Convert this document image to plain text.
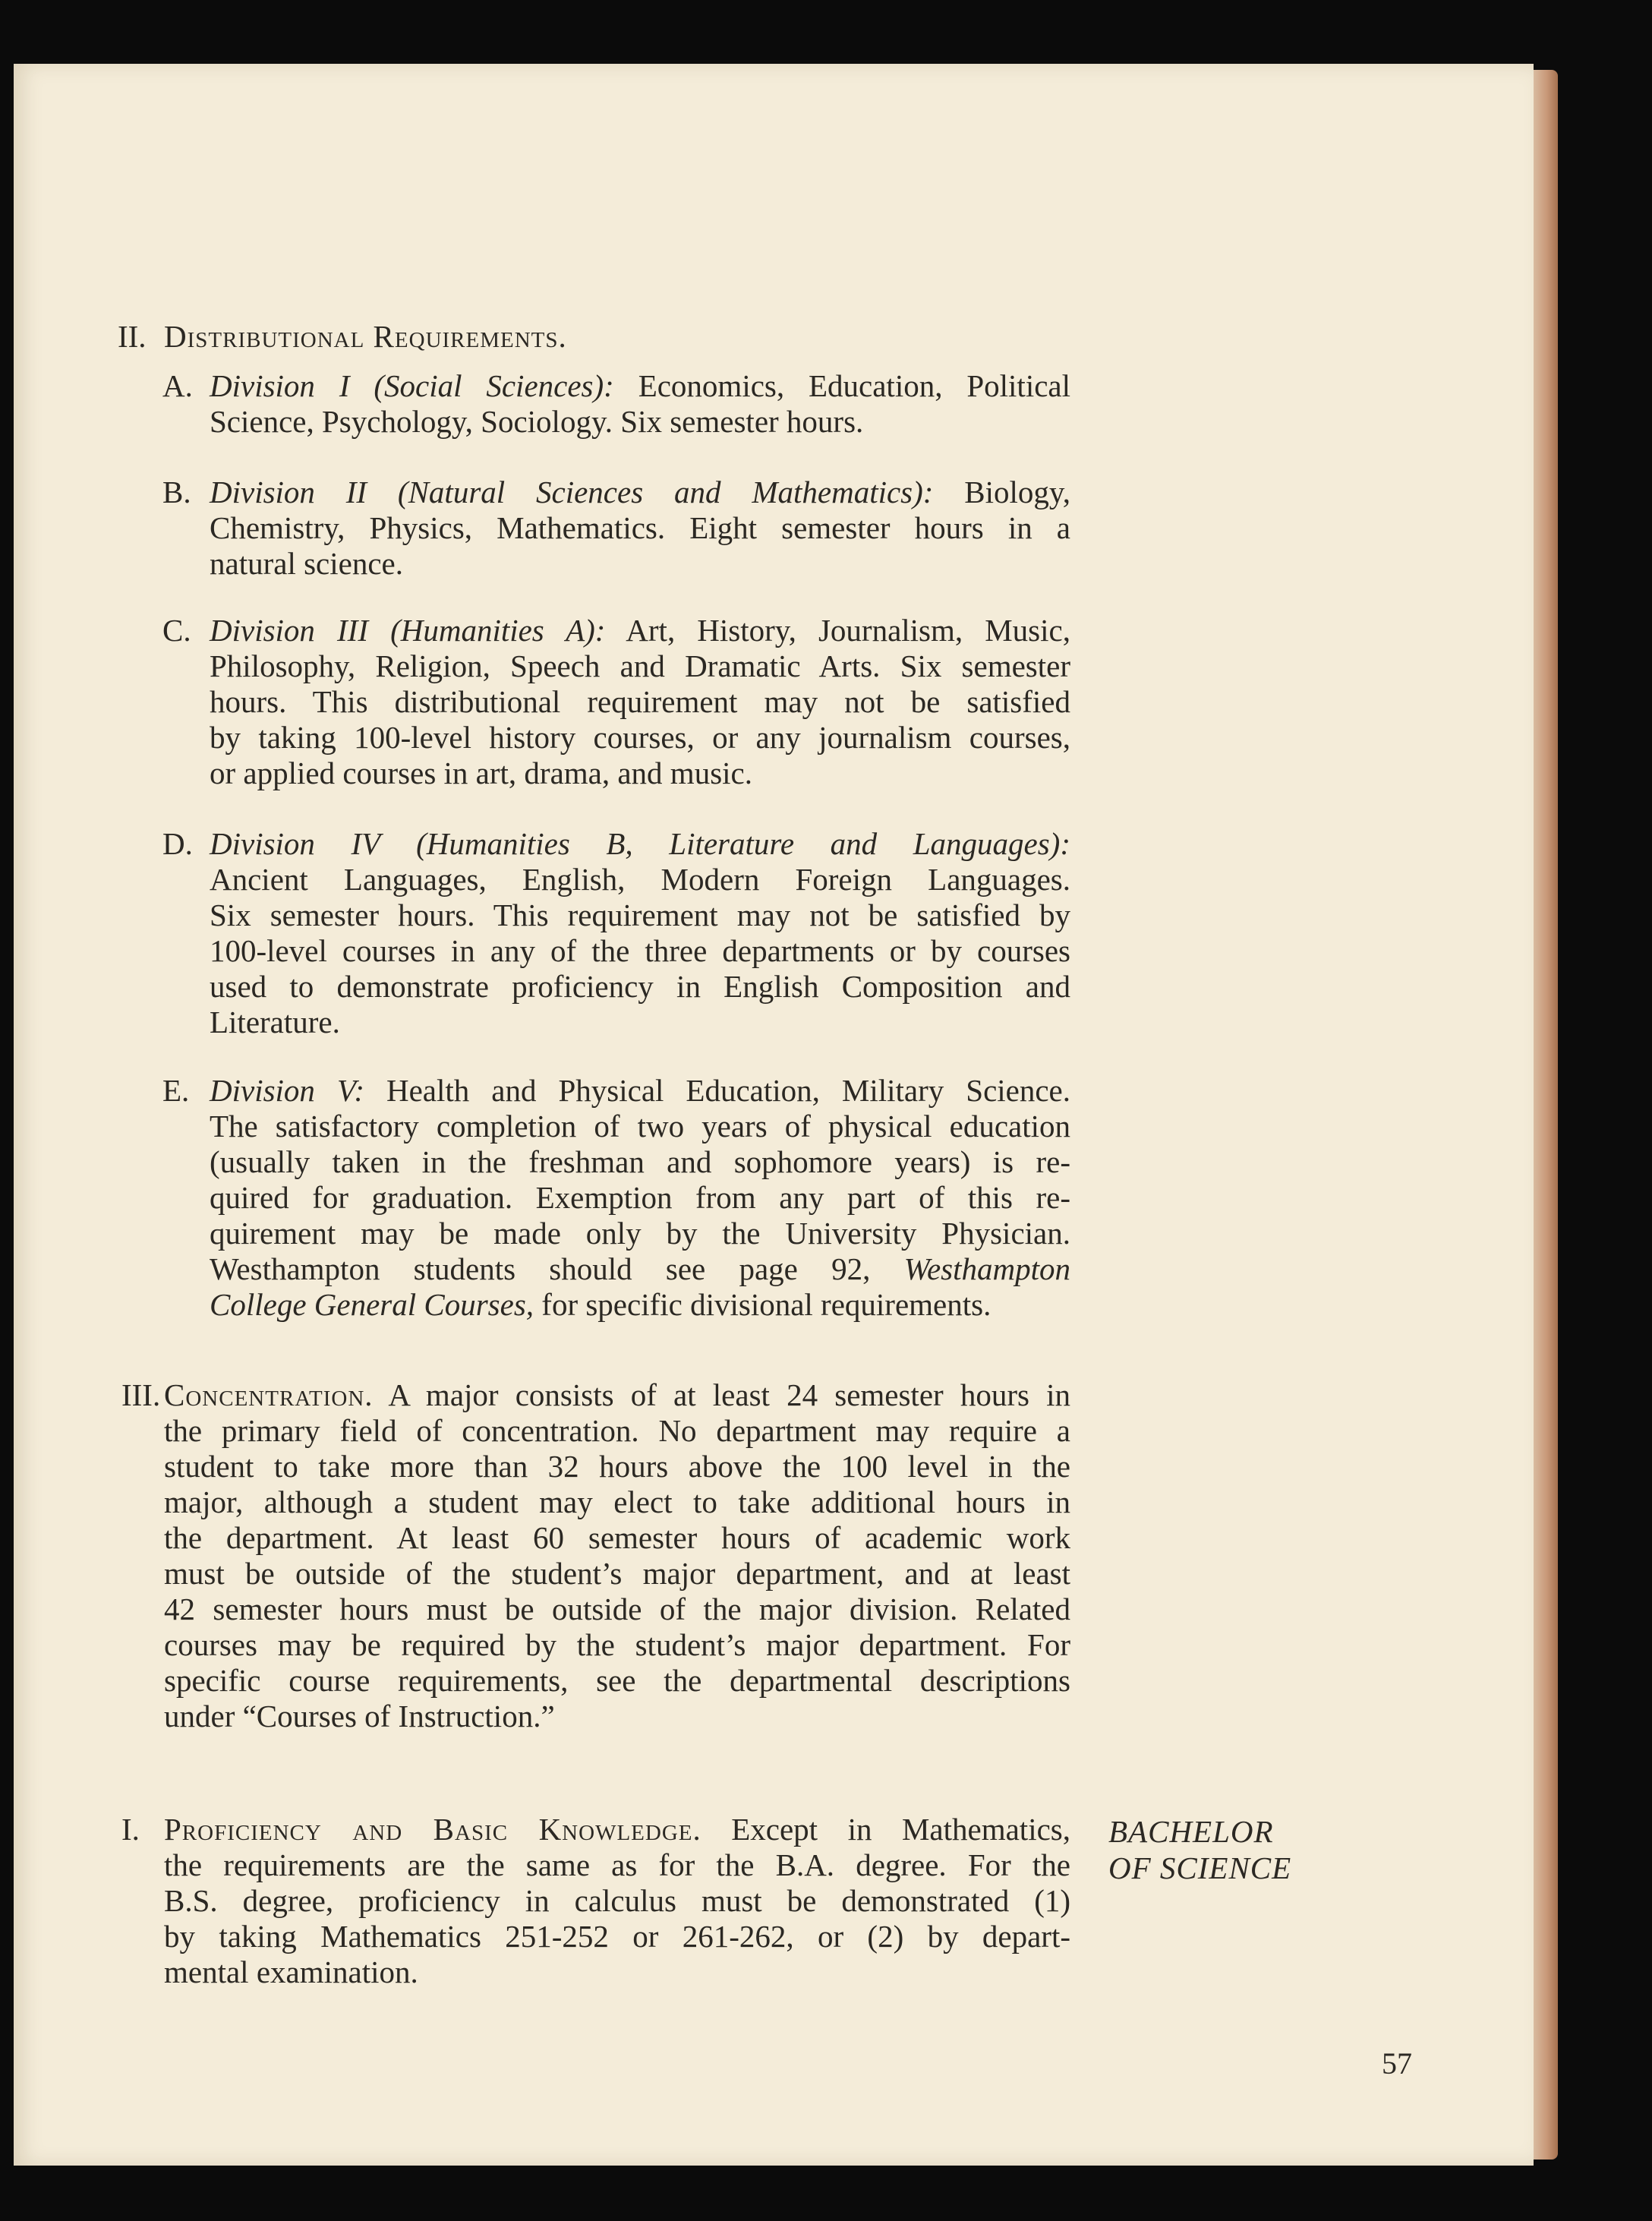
II. Distributional Requirements.
A. Division I (Social Sciences): Economics, Education, Political
Science, Psychology, Sociology. Six semester hours.
B. Division II (Natural Sciences and Mathematics): Biology,
Chemistry, Physics, Mathematics. Eight semester hours in a
natural science.
C. Division III (Humanities A): Art, History, Journalism, Music,
Philosophy, Religion, Speech and Dramatic Arts. Six semester
hours. This distributional requirement may not be satisfied
by taking 100-level history courses, or any journalism courses,
or applied courses in art, drama, and music.
D. Division IV (Humanities B, Literature and Languages):
Ancient Languages, English, Modern Foreign Languages.
Six semester hours. This requirement may not be satisfied by
100-level courses in any of the three departments or by courses
used to demonstrate proficiency in English Composition and
Literature.
E. Division V: Health and Physical Education, Military Science.
The satisfactory completion of two years of physical education
(usually taken in the freshman and sophomore years) is re-
quired for graduation. Exemption from any part of this re-
quirement may be made only by the University Physician.
Westhampton students should see page 92, Westhampton
College General Courses, for specific divisional requirements.
III. Concentration. A major consists of at least 24 semester hours in
the primary field of concentration. No department may require a
student to take more than 32 hours above the 100 level in the
major, although a student may elect to take additional hours in
the department. At least 60 semester hours of academic work
must be outside of the student’s major department, and at least
42 semester hours must be outside of the major division. Related
courses may be required by the student’s major department. For
specific course requirements, see the departmental descriptions
under “Courses of Instruction.”
I. Proficiency and Basic Knowledge. Except in Mathematics,
the requirements are the same as for the B.A. degree. For the
B.S. degree, proficiency in calculus must be demonstrated (1)
by taking Mathematics 251-252 or 261-262, or (2) by depart-
mental examination.
BACHELOR
OF SCIENCE
57
